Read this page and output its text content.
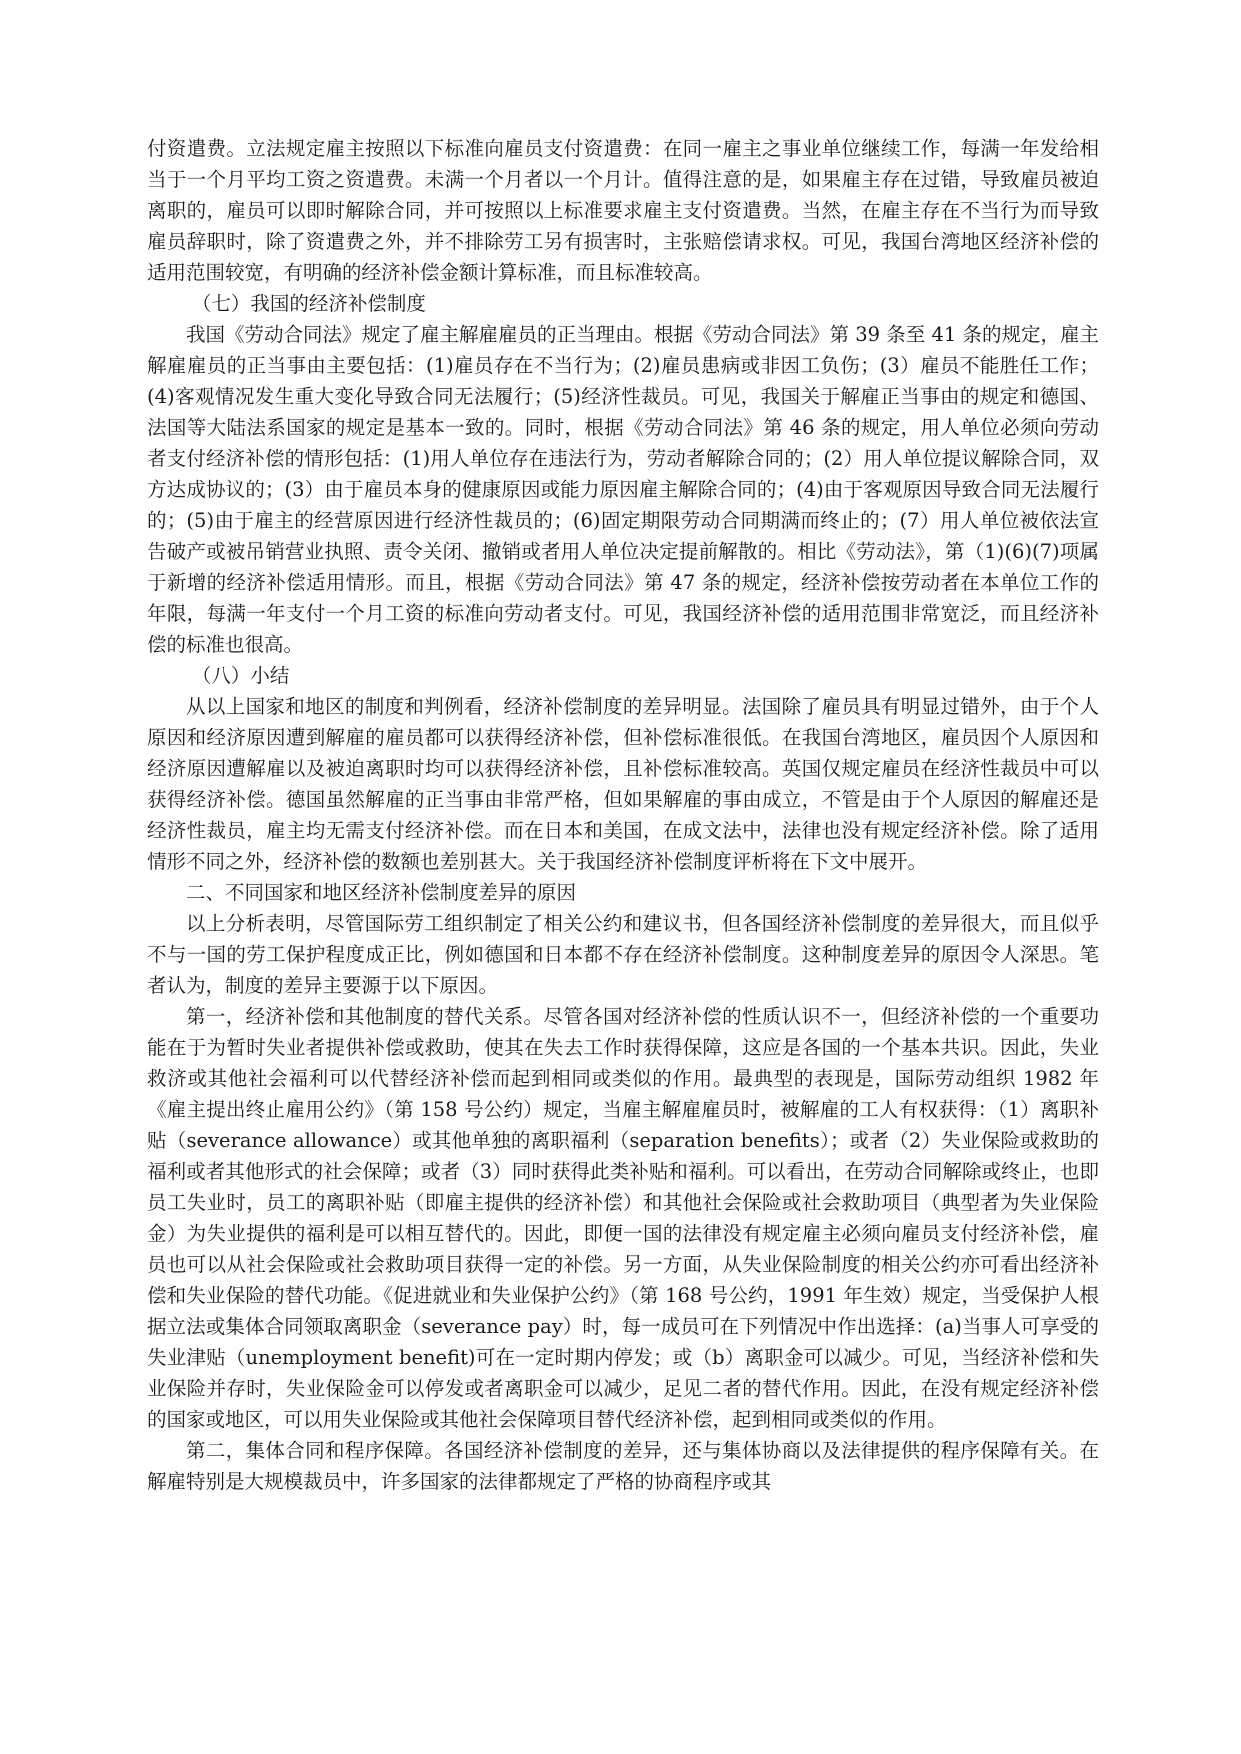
付资遣费。立法规定雇主按照以下标准向雇员支付资遣费：在同一雇主之事业单位继续工作，每满一年发给相当于一个月平均工资之资遣费。未满一个月者以一个月计。值得注意的是，如果雇主存在过错，导致雇员被迫离职的，雇员可以即时解除合同，并可按照以上标准要求雇主支付资遣费。当然，在雇主存在不当行为而导致雇员辞职时，除了资遣费之外，并不排除劳工另有损害时，主张赔偿请求权。可见，我国台湾地区经济补偿的适用范围较宽，有明确的经济补偿金额计算标准，而且标准较高。

（七）我国的经济补偿制度

我国《劳动合同法》规定了雇主解雇雇员的正当理由。根据《劳动合同法》第 39 条至 41 条的规定，雇主解雇雇员的正当事由主要包括：(1)雇员存在不当行为；(2)雇员患病或非因工负伤；(3）雇员不能胜任工作；(4)客观情况发生重大变化导致合同无法履行；(5)经济性裁员。可见，我国关于解雇正当事由的规定和德国、法国等大陆法系国家的规定是基本一致的。同时，根据《劳动合同法》第 46 条的规定，用人单位必须向劳动者支付经济补偿的情形包括：(1)用人单位存在违法行为，劳动者解除合同的；(2）用人单位提议解除合同，双方达成协议的；(3）由于雇员本身的健康原因或能力原因雇主解除合同的；(4)由于客观原因导致合同无法履行的；(5)由于雇主的经营原因进行经济性裁员的；(6)固定期限劳动合同期满而终止的；(7）用人单位被依法宣告破产或被吊销营业执照、责令关闭、撤销或者用人单位决定提前解散的。相比《劳动法》，第（1)(6)(7)项属于新增的经济补偿适用情形。而且，根据《劳动合同法》第 47 条的规定，经济补偿按劳动者在本单位工作的年限，每满一年支付一个月工资的标准向劳动者支付。可见，我国经济补偿的适用范围非常宽泛，而且经济补偿的标准也很高。

（八）小结

从以上国家和地区的制度和判例看，经济补偿制度的差异明显。法国除了雇员具有明显过错外，由于个人原因和经济原因遭到解雇的雇员都可以获得经济补偿，但补偿标准很低。在我国台湾地区，雇员因个人原因和经济原因遭解雇以及被迫离职时均可以获得经济补偿，且补偿标准较高。英国仅规定雇员在经济性裁员中可以获得经济补偿。德国虽然解雇的正当事由非常严格，但如果解雇的事由成立，不管是由于个人原因的解雇还是经济性裁员，雇主均无需支付经济补偿。而在日本和美国，在成文法中，法律也没有规定经济补偿。除了适用情形不同之外，经济补偿的数额也差别甚大。关于我国经济补偿制度评析将在下文中展开。

二、不同国家和地区经济补偿制度差异的原因

以上分析表明，尽管国际劳工组织制定了相关公约和建议书，但各国经济补偿制度的差异很大，而且似乎不与一国的劳工保护程度成正比，例如德国和日本都不存在经济补偿制度。这种制度差异的原因令人深思。笔者认为，制度的差异主要源于以下原因。

第一，经济补偿和其他制度的替代关系。尽管各国对经济补偿的性质认识不一，但经济补偿的一个重要功能在于为暂时失业者提供补偿或救助，使其在失去工作时获得保障，这应是各国的一个基本共识。因此，失业救济或其他社会福利可以代替经济补偿而起到相同或类似的作用。最典型的表现是，国际劳动组织 1982 年《雇主提出终止雇用公约》（第 158 号公约）规定，当雇主解雇雇员时，被解雇的工人有权获得：（1）离职补贴（severance allowance）或其他单独的离职福利（separation benefits）；或者（2）失业保险或救助的福利或者其他形式的社会保障；或者（3）同时获得此类补贴和福利。可以看出，在劳动合同解除或终止，也即员工失业时，员工的离职补贴（即雇主提供的经济补偿）和其他社会保险或社会救助项目（典型者为失业保险金）为失业提供的福利是可以相互替代的。因此，即便一国的法律没有规定雇主必须向雇员支付经济补偿，雇员也可以从社会保险或社会救助项目获得一定的补偿。另一方面，从失业保险制度的相关公约亦可看出经济补偿和失业保险的替代功能。《促进就业和失业保护公约》（第 168 号公约，1991 年生效）规定，当受保护人根据立法或集体合同领取离职金（severance pay）时，每一成员可在下列情况中作出选择：(a)当事人可享受的失业津贴（unemployment benefit)可在一定时期内停发；或（b）离职金可以减少。可见，当经济补偿和失业保险并存时，失业保险金可以停发或者离职金可以减少，足见二者的替代作用。因此，在没有规定经济补偿的国家或地区，可以用失业保险或其他社会保障项目替代经济补偿，起到相同或类似的作用。

第二，集体合同和程序保障。各国经济补偿制度的差异，还与集体协商以及法律提供的程序保障有关。在解雇特别是大规模裁员中，许多国家的法律都规定了严格的协商程序或其
